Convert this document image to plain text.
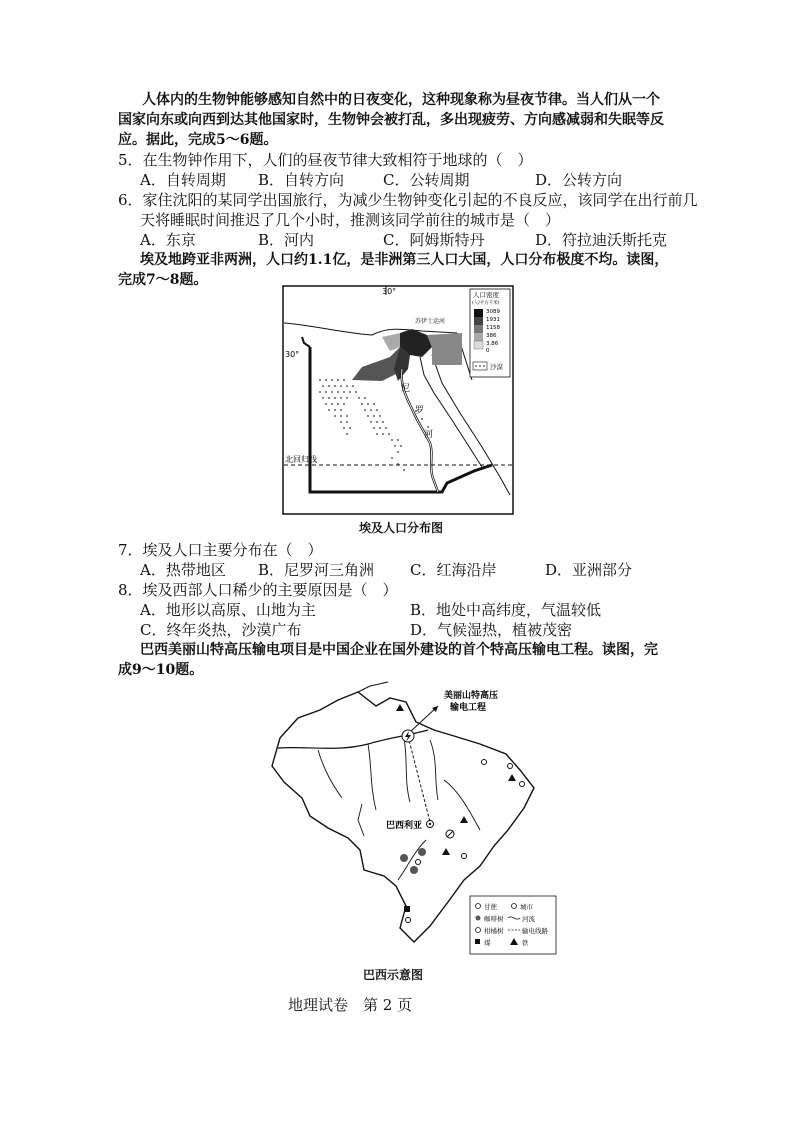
人体内的生物钟能够感知自然中的日夜变化，这种现象称为昼夜节律。当人们从一个
国家向东或向西到达其他国家时，生物钟会被打乱，多出现疲劳、方向感减弱和失眠等反
应。据此，完成5～6题。
5．在生物钟作用下，人们的昼夜节律大致相符于地球的（　）
A．自转周期 B．自转方向	C．公转周期	D．公转方向
6．家住沈阳的某同学出国旅行，为减少生物钟变化引起的不良反应，该同学在出行前几
天将睡眠时间推迟了几个小时，推测该同学前往的城市是（　）
A．东京	B．河内	C．阿姆斯特丹	D．符拉迪沃斯托克
埃及地跨亚非两洲，人口约1.1亿，是非洲第三人口大国，人口分布极度不均。读图，
完成7～8题。
30°
30°
尼
罗
河
苏伊士运河
北回归线
人口密度
(人/平方千米)
3089
1931
1158
386
3.86
0
沙漠
埃及人口分布图
7．埃及人口主要分布在（　）
A．热带地区 B．尼罗河三角洲 C．红海沿岸	D．亚洲部分
8．埃及西部人口稀少的主要原因是（　）
A．地形以高原、山地为主	B．地处中高纬度，气温较低
C．终年炎热，沙漠广布	D．气候湿热，植被茂密
巴西美丽山特高压输电项目是中国企业在国外建设的首个特高压输电工程。读图，完
成9～10题。
美丽山特高压
输电工程
巴西利亚
甘蔗	城市
咖啡树	河流
柑橘树	输电线路
煤	铁
巴西示意图
地理试卷　第 2 页
